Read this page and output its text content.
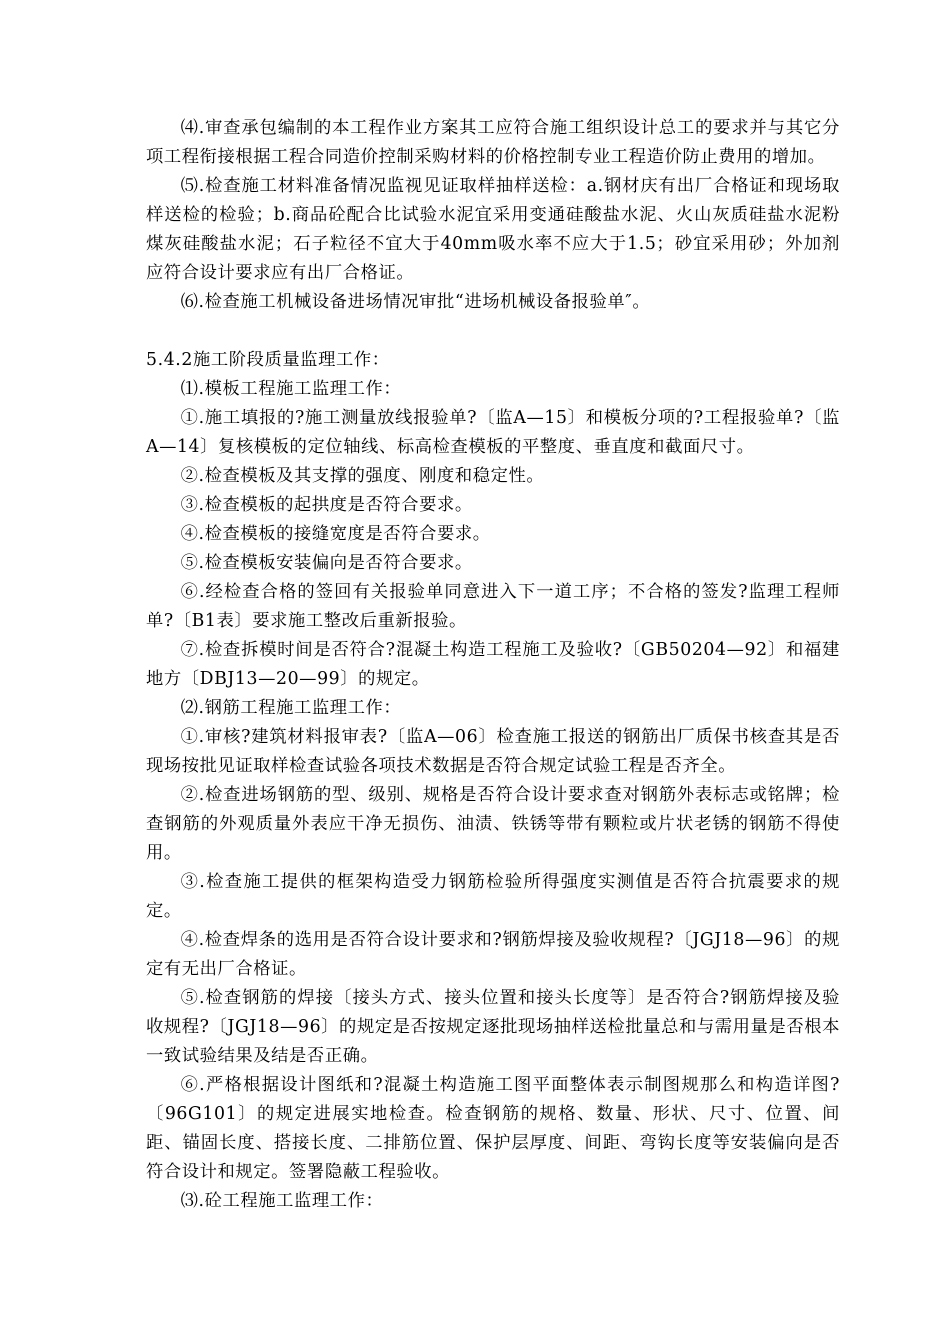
⑷.审查承包编制的本工程作业方案其工应符合施工组织设计总工的要求并与其它分项工程衔接根据工程合同造价控制采购材料的价格控制专业工程造价防止费用的增加。

⑸.检查施工材料准备情况监视见证取样抽样送检：a.钢材庆有出厂合格证和现场取样送检的检验；b.商品砼配合比试验水泥宜采用变通硅酸盐水泥、火山灰质硅盐水泥粉煤灰硅酸盐水泥；石子粒径不宜大于40mm吸水率不应大于1.5；砂宜采用砂；外加剂应符合设计要求应有出厂合格证。

⑹.检查施工机械设备进场情况审批“进场机械设备报验单″。

5.4.2施工阶段质量监理工作：

⑴.模板工程施工监理工作：

①.施工填报的?施工测量放线报验单?〔监A—15〕和模板分项的?工程报验单?〔监A—14〕复核模板的定位轴线、标高检查模板的平整度、垂直度和截面尺寸。

②.检查模板及其支撑的强度、刚度和稳定性。

③.检查模板的起拱度是否符合要求。

④.检查模板的接缝宽度是否符合要求。

⑤.检查模板安装偏向是否符合要求。

⑥.经检查合格的签回有关报验单同意进入下一道工序；不合格的签发?监理工程师单?〔B1表〕要求施工整改后重新报验。

⑦.检查拆模时间是否符合?混凝土构造工程施工及验收?〔GB50204—92〕和福建地方〔DBJ13—20—99〕的规定。

⑵.钢筋工程施工监理工作：

①.审核?建筑材料报审表?〔监A—06〕检查施工报送的钢筋出厂质保书核查其是否现场按批见证取样检查试验各项技术数据是否符合规定试验工程是否齐全。

②.检查进场钢筋的型、级别、规格是否符合设计要求查对钢筋外表标志或铭牌；检查钢筋的外观质量外表应干净无损伤、油渍、铁锈等带有颗粒或片状老锈的钢筋不得使用。

③.检查施工提供的框架构造受力钢筋检验所得强度实测值是否符合抗震要求的规定。

④.检查焊条的选用是否符合设计要求和?钢筋焊接及验收规程?〔JGJ18—96〕的规定有无出厂合格证。

⑤.检查钢筋的焊接〔接头方式、接头位置和接头长度等〕是否符合?钢筋焊接及验收规程?〔JGJ18—96〕的规定是否按规定逐批现场抽样送检批量总和与需用量是否根本一致试验结果及结是否正确。

⑥.严格根据设计图纸和?混凝土构造施工图平面整体表示制图规那么和构造详图?〔96G101〕的规定进展实地检查。检查钢筋的规格、数量、形状、尺寸、位置、间距、锚固长度、搭接长度、二排筋位置、保护层厚度、间距、弯钩长度等安装偏向是否符合设计和规定。签署隐蔽工程验收。

⑶.砼工程施工监理工作：
